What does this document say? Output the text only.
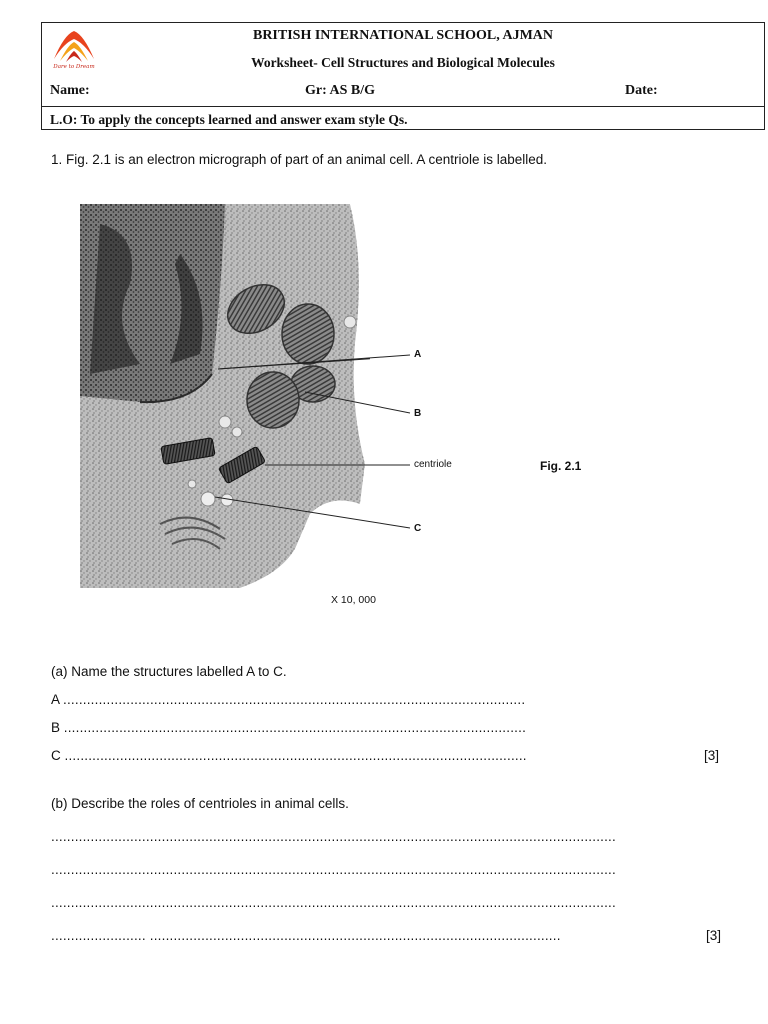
Dare to Dream
BRITISH INTERNATIONAL SCHOOL, AJMAN
Worksheet- Cell Structures and Biological Molecules
Name:	Gr: AS B/G	Date:
L.O: To apply the concepts learned and answer exam style Qs.
1. Fig. 2.1 is an electron micrograph of part of an animal cell. A centriole is labelled.
A
B
centriole
C
Fig. 2.1
X 10, 000
(a) Name the structures labelled A to C.
A .....................................................................................................................
B .....................................................................................................................
C .....................................................................................................................	[3]
(b) Describe the roles of centrioles in animal cells.
...............................................................................................................................................
...............................................................................................................................................
...............................................................................................................................................
........................ ........................................................................................................	[3]
